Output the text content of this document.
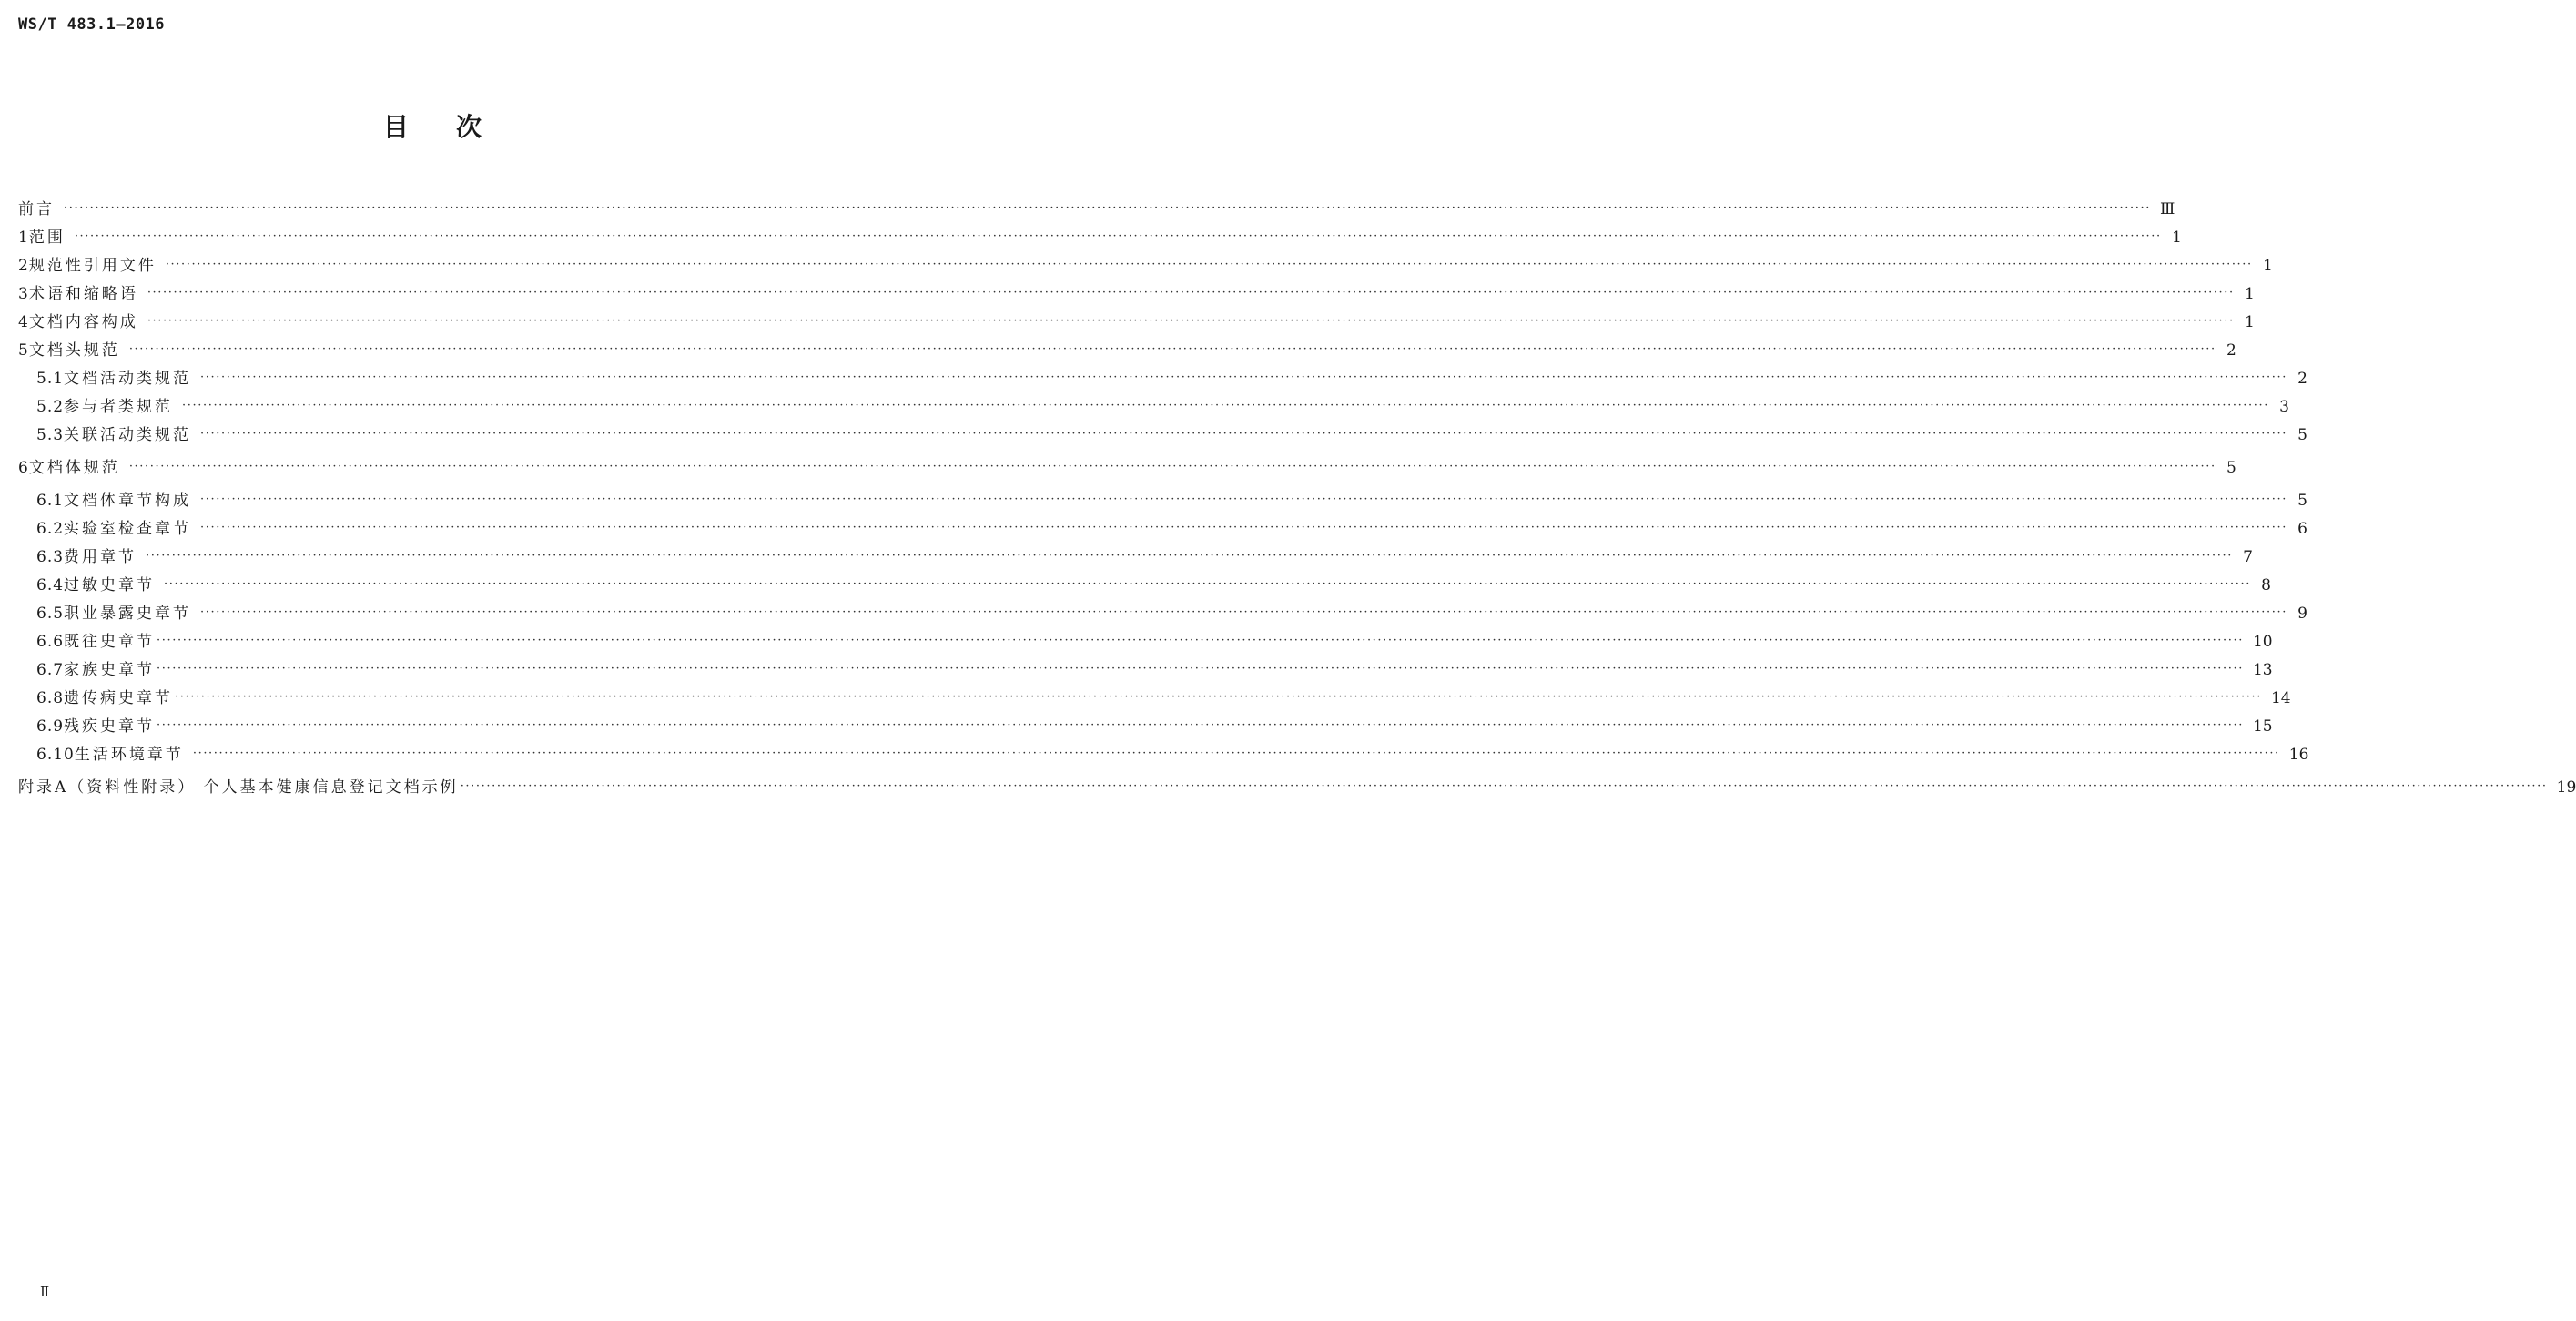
WS/T 483.1—2016
目次
前言 ················································································································································································································································································································································································································ Ⅲ
1 范围 ················································································································································································································································································································································································································ 1
2 规范性引用文件 ················································································································································································································································································································································································································ 1
3 术语和缩略语 ················································································································································································································································································································································································································ 1
4 文档内容构成 ················································································································································································································································································································································································································ 1
5 文档头规范 ················································································································································································································································································································································································································ 2
5.1 文档活动类规范 ················································································································································································································································································································································································································ 2
5.2 参与者类规范 ················································································································································································································································································································································································································ 3
5.3 关联活动类规范 ················································································································································································································································································································································································································ 5
6 文档体规范 ················································································································································································································································································································································································································ 5
6.1 文档体章节构成 ················································································································································································································································································································································································································ 5
6.2 实验室检查章节 ················································································································································································································································································································································································································ 6
6.3 费用章节 ················································································································································································································································································································································································································ 7
6.4 过敏史章节 ················································································································································································································································································································································································································ 8
6.5 职业暴露史章节 ················································································································································································································································································································································································································ 9
6.6 既往史章节 ················································································································································································································································································································································································································ 10
6.7 家族史章节 ················································································································································································································································································································································································································ 13
6.8 遗传病史章节 ················································································································································································································································································································································································································ 14
6.9 残疾史章节 ················································································································································································································································································································································································································ 15
6.10 生活环境章节 ················································································································································································································································································································································································································ 16
附录A（资料性附录） 个人基本健康信息登记文档示例 ················································································································································································································································································································································································································ 19
Ⅱ
